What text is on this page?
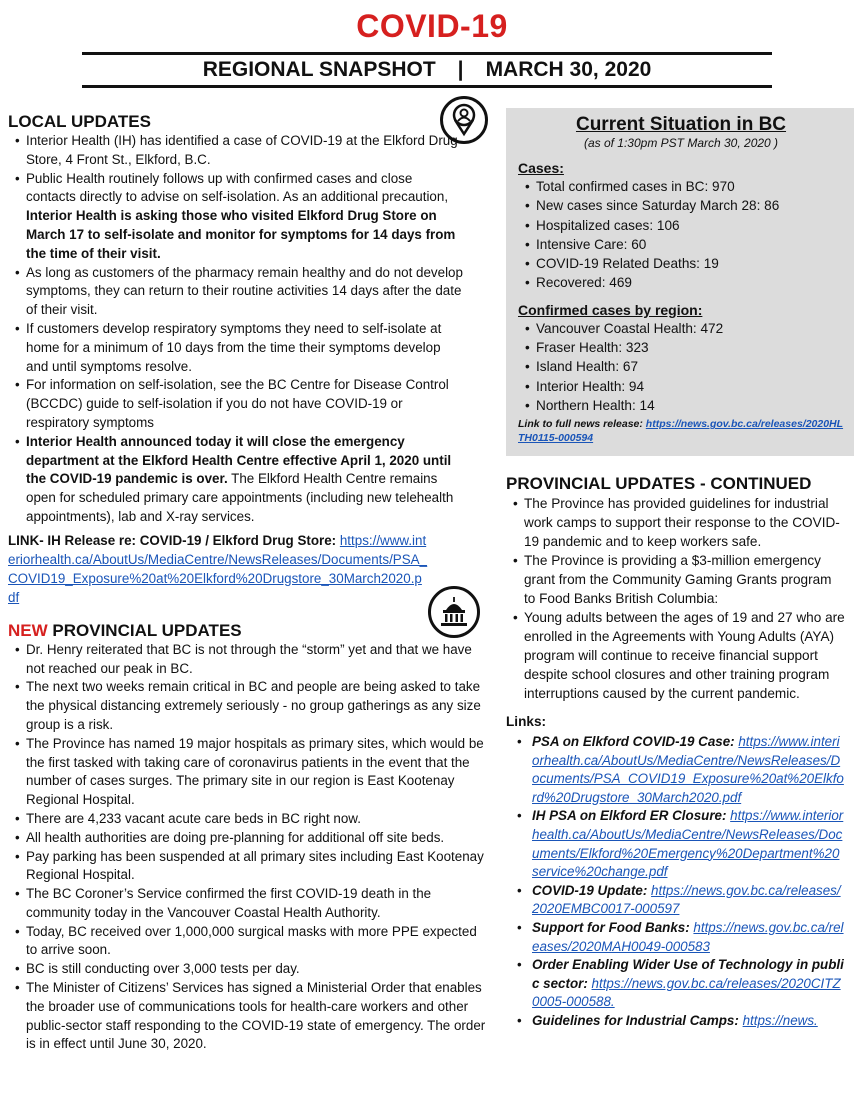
COVID-19
REGIONAL SNAPSHOT | MARCH 30, 2020
LOCAL UPDATES
• Interior Health (IH) has identified a case of COVID-19 at the Elkford Drug Store, 4 Front St., Elkford, B.C.
• Public Health routinely follows up with confirmed cases and close contacts directly to advise on self-isolation. As an additional precaution, Interior Health is asking those who visited Elkford Drug Store on March 17 to self-isolate and monitor for symptoms for 14 days from the time of their visit.
• As long as customers of the pharmacy remain healthy and do not develop symptoms, they can return to their routine activities 14 days after the date of their visit.
• If customers develop respiratory symptoms they need to self-isolate at home for a minimum of 10 days from the time their symptoms develop and until symptoms resolve.
• For information on self-isolation, see the BC Centre for Disease Control (BCCDC) guide to self-isolation if you do not have COVID-19 or respiratory symptoms
• Interior Health announced today it will close the emergency department at the Elkford Health Centre effective April 1, 2020 until the COVID-19 pandemic is over. The Elkford Health Centre remains open for scheduled primary care appointments (including new telehealth appointments), lab and X-ray services.
LINK- IH Release re: COVID-19 / Elkford Drug Store: https://www.interiorhealth.ca/AboutUs/MediaCentre/NewsReleases/Documents/PSA_COVID19_Exposure%20at%20Elkford%20Drugstore_30March2020.pdf
NEW PROVINCIAL UPDATES
• Dr. Henry reiterated that BC is not through the “storm” yet and that we have not reached our peak in BC.
• The next two weeks remain critical in BC and people are being asked to take the physical distancing extremely seriously - no group gatherings as any size group is a risk.
• The Province has named 19 major hospitals as primary sites, which would be the first tasked with taking care of coronavirus patients in the event that the number of cases surges. The primary site in our region is East Kootenay Regional Hospital.
• There are 4,233 vacant acute care beds in BC right now.
• All health authorities are doing pre-planning for additional off site beds.
• Pay parking has been suspended at all primary sites including East Kootenay Regional Hospital.
• The BC Coroner’s Service confirmed the first COVID-19 death in the community today in the Vancouver Coastal Health Authority.
• Today, BC received over 1,000,000 surgical masks with more PPE expected to arrive soon.
• BC is still conducting over 3,000 tests per day.
• The Minister of Citizens’ Services has signed a Ministerial Order that enables the broader use of communications tools for health-care workers and other public-sector staff responding to the COVID-19 state of emergency. The order is in effect until June 30, 2020.
Current Situation in BC
(as of 1:30pm PST March 30, 2020 )
Cases:
• Total confirmed cases in BC: 970
• New cases since Saturday March 28: 86
• Hospitalized cases: 106
• Intensive Care: 60
• COVID-19 Related Deaths: 19
• Recovered: 469
Confirmed cases by region:
• Vancouver Coastal Health: 472
• Fraser Health: 323
• Island Health: 67
• Interior Health: 94
• Northern Health: 14
Link to full news release: https://news.gov.bc.ca/releases/2020HLTH0115-000594
PROVINCIAL UPDATES - CONTINUED
• The Province has provided guidelines for industrial work camps to support their response to the COVID-19 pandemic and to keep workers safe.
• The Province is providing a $3-million emergency grant from the Community Gaming Grants program to Food Banks British Columbia:
• Young adults between the ages of 19 and 27 who are enrolled in the Agreements with Young Adults (AYA) program will continue to receive financial support despite school closures and other training program interruptions caused by the current pandemic.
Links:
• PSA on Elkford COVID-19 Case: https://www.interiorhealth.ca/AboutUs/MediaCentre/NewsReleases/Documents/PSA_COVID19_Exposure%20at%20Elkford%20Drugstore_30March2020.pdf
• IH PSA on Elkford ER Closure: https://www.interiorhealth.ca/AboutUs/MediaCentre/NewsReleases/Documents/Elkford%20Emergency%20Department%20service%20change.pdf
• COVID-19 Update: https://news.gov.bc.ca/releases/2020EMBC0017-000597
• Support for Food Banks: https://news.gov.bc.ca/releases/2020MAH0049-000583
• Order Enabling Wider Use of Technology in public sector: https://news.gov.bc.ca/releases/2020CITZ0005-000588.
• Guidelines for Industrial Camps: https://news.
